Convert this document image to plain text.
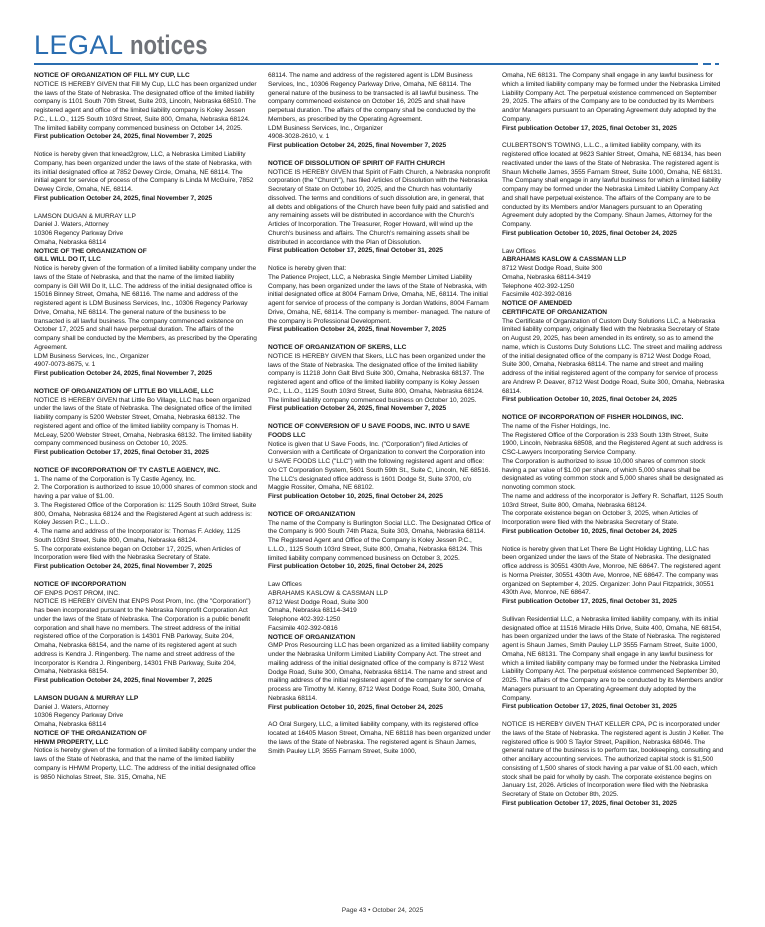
LEGAL notices

NOTICE OF ORGANIZATION OF FILL MY CUP, LLC

NOTICE IS HEREBY GIVEN that Fill My Cup, LLC has been organized under the laws of the State of Nebraska. The designated office of the limited liability company is 1101 South 70th Street, Suite 203, Lincoln, Nebraska 68510. The registered agent and office of the limited liability company is Koley Jessen P.C., L.L.O., 1125 South 103rd Street, Suite 800, Omaha, Nebraska 68124. The limited liability company commenced business on October 14, 2025.

First publication October 24, 2025, final November 7, 2025

Notice is hereby given that knead2grow, LLC, a Nebraska Limited Liability Company, has been organized under the laws of the state of Nebraska, with its initial designated office at 7852 Dewey Circle, Omaha, NE 68114. The initial agent for service of process of the Company is Linda M McGuire, 7852 Dewey Circle, Omaha, NE, 68114.

First publication October 24, 2025, final November 7, 2025

LAMSON DUGAN & MURRAY LLP

Daniel J. Waters, Attorney

10306 Regency Parkway Drive

Omaha, Nebraska 68114

NOTICE OF THE ORGANIZATION OF

GILL WILL DO IT, LLC

Notice is hereby given of the formation of a limited liability company under the laws of the State of Nebraska, and that the name of the limited liability company is Gill Will Do It, LLC. The address of the initial designated office is 15016 Binney Street, Omaha, NE 68116. The name and address of the registered agent is LDM Business Services, Inc., 10306 Regency Parkway Drive, Omaha, NE 68114. The general nature of the business to be transacted is all lawful business. The company commenced existence on October 17, 2025 and shall have perpetual duration. The affairs of the company shall be conducted by the Members, as prescribed by the Operating Agreement.

LDM Business Services, Inc., Organizer

4907-0073-8675, v. 1

First publication October 24, 2025, final November 7, 2025

NOTICE OF ORGANIZATION OF LITTLE BO VILLAGE, LLC

NOTICE IS HEREBY GIVEN that Little Bo Village, LLC has been organized under the laws of the State of Nebraska. The designated office of the limited liability company is 5200 Webster Street, Omaha, Nebraska 68132. The registered agent and office of the limited liability company is Thomas H. McLeay, 5200 Webster Street, Omaha, Nebraska 68132. The limited liability company commenced business on October 10, 2025.

First publication October 17, 2025, final October 31, 2025

NOTICE OF INCORPORATION OF TY CASTLE AGENCY, INC.

1. The name of the Corporation is Ty Castle Agency, Inc.

2. The Corporation is authorized to issue 10,000 shares of common stock and having a par value of $1.00.

3. The Registered Office of the Corporation is: 1125 South 103rd Street, Suite 800, Omaha, Nebraska 68124 and the Registered Agent at such address is: Koley Jessen P.C., L.L.O..

4. The name and address of the Incorporator is: Thomas F. Ackley, 1125 South 103rd Street, Suite 800, Omaha, Nebraska 68124.

5. The corporate existence began on October 17, 2025, when Articles of Incorporation were filed with the Nebraska Secretary of State.

First publication October 24, 2025, final November 7, 2025

NOTICE OF INCORPORATION

OF ENPS POST PROM, INC.

NOTICE IS HEREBY GIVEN that ENPS Post Prom, Inc. (the "Corporation") has been incorporated pursuant to the Nebraska Nonprofit Corporation Act under the laws of the State of Nebraska. The Corporation is a public benefit corporation and shall have no members. The street address of the initial registered office of the Corporation is 14301 FNB Parkway, Suite 204, Omaha, Nebraska 68154, and the name of its registered agent at such address is Kendra J. Ringenberg. The name and street address of the Incorporator is Kendra J. Ringenberg, 14301 FNB Parkway, Suite 204, Omaha, Nebraska 68154.

First publication October 24, 2025, final November 7, 2025

LAMSON DUGAN & MURRAY LLP

Daniel J. Waters, Attorney

10306 Regency Parkway Drive

Omaha, Nebraska 68114

NOTICE OF THE ORGANIZATION OF

HHWM PROPERTY, LLC

Notice is hereby given of the formation of a limited liability company under the laws of the State of Nebraska, and that the name of the limited liability company is HHWM Property, LLC. The address of the initial designated office is 9850 Nicholas Street, Ste. 315, Omaha, NE

68114. The name and address of the registered agent is LDM Business Services, Inc., 10306 Regency Parkway Drive, Omaha, NE 68114. The general nature of the business to be transacted is all lawful business. The company commenced existence on October 16, 2025 and shall have perpetual duration. The affairs of the company shall be conducted by the Members, as prescribed by the Operating Agreement.

LDM Business Services, Inc., Organizer

4908-3028-2610, v. 1

First publication October 24, 2025, final November 7, 2025

NOTICE OF DISSOLUTION OF SPIRIT OF FAITH CHURCH

NOTICE IS HEREBY GIVEN that Spirit of Faith Church, a Nebraska nonprofit corporation (the "Church"), has filed Articles of Dissolution with the Nebraska Secretary of State on October 10, 2025, and the Church has voluntarily dissolved. The terms and conditions of such dissolution are, in general, that all debts and obligations of the Church have been fully paid and satisfied and any remaining assets will be distributed in accordance with the Church's Articles of Incorporation. The Treasurer, Roger Howard, will wind up the Church's business and affairs. The Church's remaining assets shall be distributed in accordance with the Plan of Dissolution.

First publication October 17, 2025, final October 31, 2025

Notice is hereby given that:

The Patience Project, LLC, a Nebraska Single Member Limited Liability Company, has been organized under the laws of the State of Nebraska, with initial designated office at 8004 Farnam Drive, Omaha, NE, 68114. The initial agent for service of process of the company is Jordan Watkins, 8004 Farnam Drive, Omaha, NE, 68114. The company is member- managed. The nature of the company is Professional Development.

First publication October 24, 2025, final November 7, 2025

NOTICE OF ORGANIZATION OF SKERS, LLC

NOTICE IS HEREBY GIVEN that Skers, LLC has been organized under the laws of the State of Nebraska. The designated office of the limited liability company is 11218 John Galt Blvd Suite 300, Omaha, Nebraska 68137. The registered agent and office of the limited liability company is Koley Jessen P.C., L.L.O., 1125 South 103rd Street, Suite 800, Omaha, Nebraska 68124. The limited liability company commenced business on October 10, 2025.

First publication October 24, 2025, final November 7, 2025

NOTICE OF CONVERSION OF U SAVE FOODS, INC. INTO U SAVE FOODS LLC

Notice is given that U Save Foods, Inc. ("Corporation") filed Articles of Conversion with a Certificate of Organization to convert the Corporation into U SAVE FOODS LLC ("LLC") with the following registered agent and office: c/o CT Corporation System, 5601 South 59th St., Suite C, Lincoln, NE 68516. The LLC's designated office address is 1601 Dodge St, Suite 3700, c/o Maggie Rossiter, Omaha, NE 68102.

First publication October 10, 2025, final October 24, 2025

NOTICE OF ORGANIZATION

The name of the Company is Burlington Social LLC. The Designated Office of the Company is 900 South 74th Plaza, Suite 303, Omaha, Nebraska 68114. The Registered Agent and Office of the Company is Koley Jessen P.C., L.L.O., 1125 South 103rd Street, Suite 800, Omaha, Nebraska 68124. This limited liability company commenced business on October 3, 2025.

First publication October 10, 2025, final October 24, 2025

Law Offices

ABRAHAMS KASLOW & CASSMAN LLP

8712 West Dodge Road, Suite 300

Omaha, Nebraska 68114-3419

Telephone 402-392-1250

Facsimile 402-392-0816

NOTICE OF ORGANIZATION

GMP Pros Resourcing LLC has been organized as a limited liability company under the Nebraska Uniform Limited Liability Company Act. The street and mailing address of the initial designated office of the company is 8712 West Dodge Road, Suite 300, Omaha, Nebraska 68114. The name and street and mailing address of the initial registered agent of the company for service of process are Timothy M. Kenny, 8712 West Dodge Road, Suite 300, Omaha, Nebraska 68114.

First publication October 10, 2025, final October 24, 2025

AO Oral Surgery, LLC, a limited liability company, with its registered office located at 16405 Mason Street, Omaha, NE 68118 has been organized under the laws of the State of Nebraska. The registered agent is Shaun James, Smith Pauley LLP, 3555 Farnam Street, Suite 1000,

Omaha, NE 68131. The Company shall engage in any lawful business for which a limited liability company may be formed under the Nebraska Limited Liability Company Act. The perpetual existence commenced on September 29, 2025. The affairs of the Company are to be conducted by its Members and/or Managers pursuant to an Operating Agreement duly adopted by the Company.

First publication October 17, 2025, final October 31, 2025

CULBERTSON'S TOWING, L.L.C., a limited liability company, with its registered office located at 9623 Sahler Street, Omaha, NE 68134, has been reactivated under the laws of the State of Nebraska. The registered agent is Shaun Michelle James, 3555 Farnam Street, Suite 1000, Omaha, NE 68131. The Company shall engage in any lawful business for which a limited liability company may be formed under the Nebraska Limited Liability Company Act and shall have perpetual existence. The affairs of the Company are to be conducted by its Members and/or Managers pursuant to an Operating Agreement duly adopted by the Company. Shaun James, Attorney for the Company.

First publication October 10, 2025, final October 24, 2025

Law Offices

ABRAHAMS KASLOW & CASSMAN LLP

8712 West Dodge Road, Suite 300

Omaha, Nebraska 68114-3419

Telephone 402-392-1250

Facsimile 402-392-0816

NOTICE OF AMENDED

CERTIFICATE OF ORGANIZATION

The Certificate of Organization of Custom Duty Solutions LLC, a Nebraska limited liability company, originally filed with the Nebraska Secretary of State on August 29, 2025, has been amended in its entirety, so as to amend the name, which is Customs Duty Solutions LLC. The street and mailing address of the initial designated office of the company is 8712 West Dodge Road, Suite 300, Omaha, Nebraska 68114. The name and street and mailing address of the initial registered agent of the company for service of process are Andrew P. Deaver, 8712 West Dodge Road, Suite 300, Omaha, Nebraska 68114.

First publication October 10, 2025, final October 24, 2025

NOTICE OF INCORPORATION OF FISHER HOLDINGS, INC.

The name of the Fisher Holdings, Inc.

The Registered Office of the Corporation is 233 South 13th Street, Suite 1900, Lincoln, Nebraska 68508, and the Registered Agent at such address is CSC-Lawyers Incorporating Service Company.

The Corporation is authorized to issue 10,000 shares of common stock having a par value of $1.00 per share, of which 5,000 shares shall be designated as voting common stock and 5,000 shares shall be designated as nonvoting common stock.

The name and address of the incorporator is Jeffery R. Schaffart, 1125 South 103rd Street, Suite 800, Omaha, Nebraska 68124.

The corporate existence began on October 3, 2025, when Articles of Incorporation were filed with the Nebraska Secretary of State.

First publication October 10, 2025, final October 24, 2025

Notice is hereby given that Let There Be Light Holiday Lighting, LLC has been organized under the laws of the State of Nebraska. The designated office address is 30551 430th Ave, Monroe, NE 68647. The registered agent is Norma Preister, 30551 430th Ave, Monroe, NE 68647. The company was organized on September 4, 2025. Organizer: John Paul Fitzpatrick, 30551 430th Ave, Monroe, NE 68647.

First publication October 17, 2025, final October 31, 2025

Sullivan Residential LLC, a Nebraska limited liability company, with its initial designated office at 11516 Miracle Hills Drive, Suite 400, Omaha, NE 68154, has been organized under the laws of the State of Nebraska. The registered agent is Shaun James, Smith Pauley LLP 3555 Farnam Street, Suite 1000, Omaha, NE 68131. The Company shall engage in any lawful business for which a limited liability company may be formed under the Nebraska Limited Liability Company Act. The perpetual existence commenced September 30, 2025. The affairs of the Company are to be conducted by its Members and/or Managers pursuant to an Operating Agreement duly adopted by the Company.

First publication October 17, 2025, final October 31, 2025

NOTICE IS HEREBY GIVEN THAT KELLER CPA, PC is incorporated under the laws of the State of Nebraska. The registered agent is Justin J Keller. The registered office is 900 S Taylor Street, Papillion, Nebraska 68046. The general nature of the business is to perform tax, bookkeeping, consulting and other ancillary accounting services. The authorized capital stock is $1,500 consisting of 1,500 shares of stock having a par value of $1.00 each, which stock shall be paid for wholly by cash. The corporate existence begins on January 1st, 2026. Articles of Incorporation were filed with the Nebraska Secretary of State on October 8th, 2025.

First publication October 17, 2025, final October 31, 2025

Page 43 • October 24, 2025
